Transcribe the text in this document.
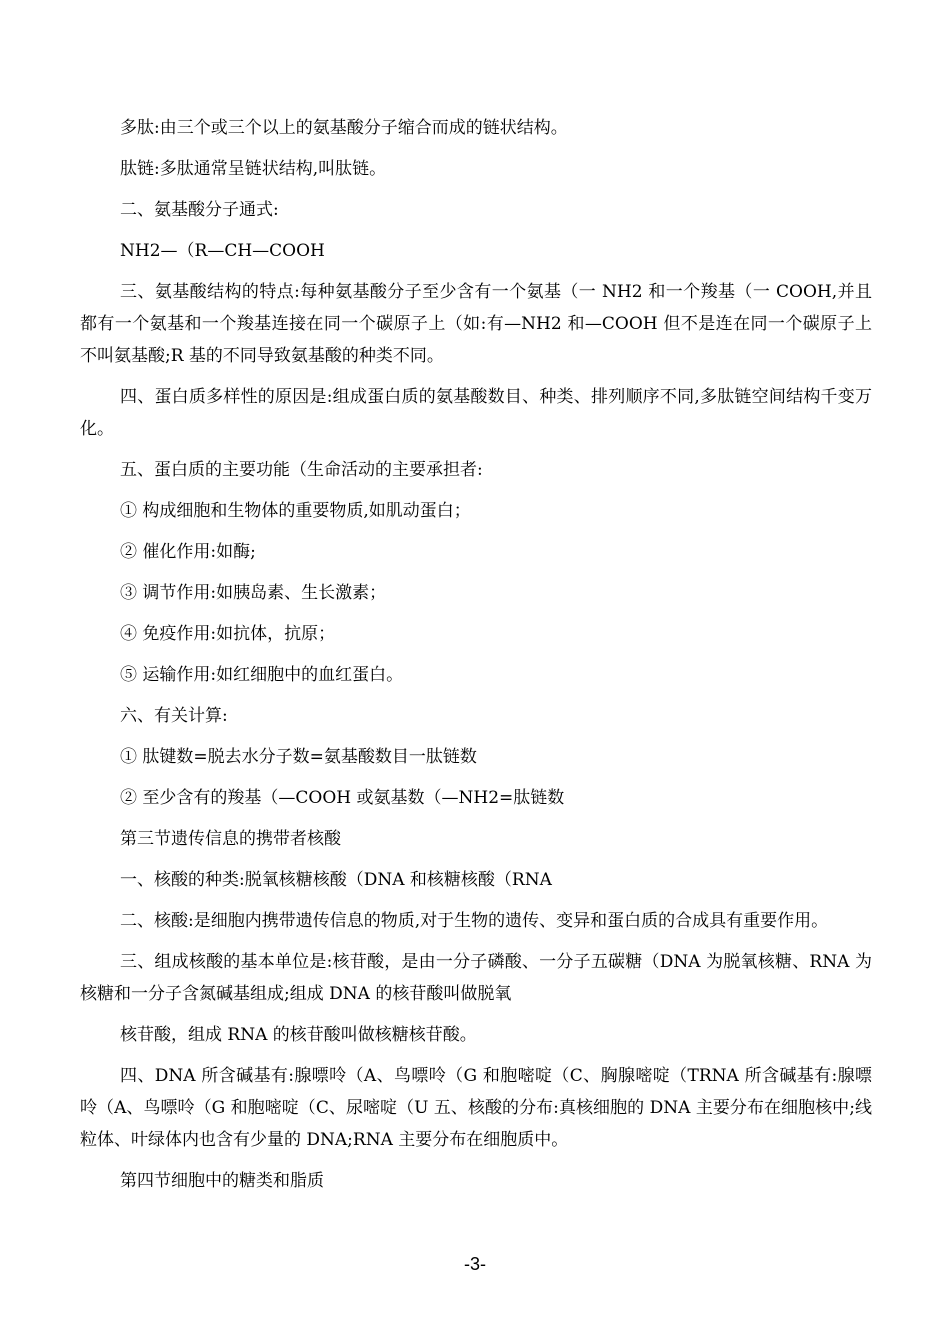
多肽:由三个或三个以上的氨基酸分子缩合而成的链状结构。

肽链:多肽通常呈链状结构,叫肽链。

二、氨基酸分子通式:

NH2—（R—CH—COOH

三、氨基酸结构的特点:每种氨基酸分子至少含有一个氨基（一 NH2 和一个羧基（一 COOH,并且都有一个氨基和一个羧基连接在同一个碳原子上（如:有—NH2 和—COOH 但不是连在同一个碳原子上不叫氨基酸;R 基的不同导致氨基酸的种类不同。

四、蛋白质多样性的原因是:组成蛋白质的氨基酸数目、种类、排列顺序不同,多肽链空间结构千变万化。

五、蛋白质的主要功能（生命活动的主要承担者:

① 构成细胞和生物体的重要物质,如肌动蛋白；

② 催化作用:如酶;

③ 调节作用:如胰岛素、生长激素；

④ 免疫作用:如抗体，抗原；

⑤ 运输作用:如红细胞中的血红蛋白。

六、有关计算:

① 肽键数=脱去水分子数=氨基酸数目一肽链数

② 至少含有的羧基（—COOH 或氨基数（—NH2=肽链数

第三节遗传信息的携带者核酸

一、核酸的种类:脱氧核糖核酸（DNA 和核糖核酸（RNA

二、核酸:是细胞内携带遗传信息的物质,对于生物的遗传、变异和蛋白质的合成具有重要作用。

三、组成核酸的基本单位是:核苷酸，是由一分子磷酸、一分子五碳糖（DNA 为脱氧核糖、RNA 为核糖和一分子含氮碱基组成;组成 DNA 的核苷酸叫做脱氧

核苷酸，组成 RNA 的核苷酸叫做核糖核苷酸。

四、DNA 所含碱基有:腺嘌呤（A、鸟嘌呤（G 和胞嘧啶（C、胸腺嘧啶（TRNA 所含碱基有:腺嘌呤（A、鸟嘌呤（G 和胞嘧啶（C、尿嘧啶（U 五、核酸的分布:真核细胞的 DNA 主要分布在细胞核中;线粒体、叶绿体内也含有少量的 DNA;RNA 主要分布在细胞质中。

第四节细胞中的糖类和脂质

-3-
